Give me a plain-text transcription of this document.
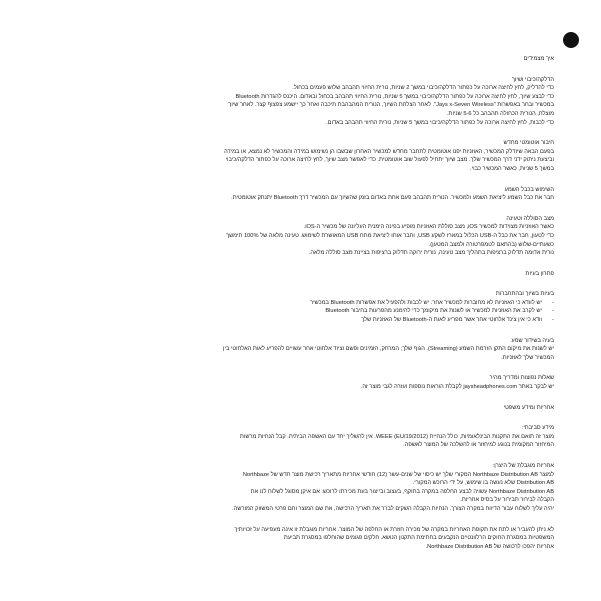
איך מצמידים

הדלקה/כיבוי ושיוך

כדי להדליק, לחץ לחיצה ארוכה על כפתור הדלקה/כיבוי במשך 2 שניות, נורית החיווי תהבהב שלוש פעמים בכחול.

כדי לבצע שיוך, לחץ לחיצה ארוכה על כפתור הדלקה/כיבוי במשך 5 שניות, נורית החיווי תהבהב בכחול ובאדום. היכנס להגדרות Bluetooth

במכשיר ובחר באפשרות "Jays x-Seven Wireless". לאחר הצלחת השיוך, הנורית המהבהבת תיכבה ואחר כך יישמע צפצוף קצר. לאחר שיוך

מוצלח, הנורית הכחולה תהבהב כל 5-6 שניות.

כדי לכבות, לחץ לחיצה ארוכה על כפתור הדלקה/כיבוי במשך 5 שניות, נורית החיווי תהבהב באדום.

חיבור אוטומטי מחדש

בפעם הבאה שיודלק המכשיר, האוזניות יפנו אוטומטית לתחבר מחדש למכשיר האחרון שבשבו הן נשימוש במידה והמכשיר לא נמצא, או במידה

וביצעת ניתוק ידני דרך המכשיר שלך. מצב שיוך יתחיל לפעול שוב אוטומטית. כדי לאפשר מצב שיוך, לחץ לחיצה ארוכה על כפתור הדלקה/כיבוי

במשך 5 שניות, כאשר המכשיר כבוי.

השימוש בכבל השמע

חבר את כבל השמע ליציאת השמע ולמכשיר. הנורית תהבהב פעם אחת באדום בזמן שהשיוך עם המכשיר דרך Bluetooth יתנתק אוטומטית.

מצב הסוללה וטעינה

כאשר האוזניות מצוידות למכשיר iOS, מצב סוללת האוזניות מופיע בפינה הימנית העליונה של מכשיר ה-iOS.

כדי לטעון, חבר את כבל ה-USB הכלול במארז לשקע USB, וחבר אותו ליציאת מתח USB המאושרת לשימוש. טעינה מלאה של 100% תימשך

כשעתיים-שלוש (בהתאם לטמפרטורה ולמצב המטען).

נורית אדומה תדלוק ברציפות בתהליך מצב טעינה, נורית ירוקה תדלוק ברציפות בציינת מצב סוללה מלאה.

פתרון בעיות

בעיות בשיוך ובהתחברות

- יש לוודא כי האוזניות לא מחוברות למכשיר אחר. יש לכבות ולהפעיל את אפשרות Bluetooth במכשיר
- יש לקרב את האוזניות למכשיר או לשנות את מיקומך כדי להימנע מהפרעות בחיבור Bluetooth
- וודא כי אין צינד אלחוטי אחר אשר מפריע לאות ה-Bluetooth של האוזניות שלך

בעיה בשידור שמע

יש לשנות את מיקום התקן הזרמת השמע (Streaming). הגוף שלך, המרחק, הזמינים ופשם וציוד אלחוטי אחר עשויים להפריע לאות האלחוטי בין

המכשיר שלך לאוזניות.

שאלות נפוצות ומדריך מהיר

יש לבקר באתר jaysheadphones.com לקבלת הוראות נוספות ועזרה לגבי מוצר זה.

אחריות ומידע משפטי

מידע סביבתי:

מוצר זה תואם את התקנות הבינלאומיות, כולל הנחיית WEEE (EU/19/2012). אין להשליך יחד עם האשפה הביתית. קבל הנחיות מרשות

המיחזור המקומית בנוגע למיחזור או להשלכה של המוצר לאשפה.

אחריות מוגבלת של היצרן:

למוצר Northbaze Distribution AB המקורי שלך יש כיסוי של שנים-עשר (12) חודשי אחריות מתאריך רכישת מוצר חדש של Northbaze

Distribution AB שלא נעשה בו שימוש, על ידי הרוכש המקורי.

Northbaze Distribution AB עשויה לבצע החלפה במקרה בתוקף, בעצוב ובייצור בעת מכירתו לרוכש. אם איקן מסוגל לשלוח לנו את

הקבלה לבירור תבירור על בסיס אחריות.

יהיה עליך לשלוח עבור הדיווח במקרה הצורך. הנחיות הקבלה השקים לברר את תאריך הרכישה, את שם המוצר וחם פרטי המשווק המורשה.

לא ניתן להעביר או לתת את תקופת האחריות במקרה של מכירה חוזרת או החלפה של המוצר. אחריות מוגבלת זו אינה מעפיעה על זכויותיך

המשפטיות במסגרת החוקים הרלוונטיים הנקבעים בחתימת התקנון הנושא. חלקים פגומים שהוחלפו במסגרת תביעת

אחריות יהפכו לרכושה של Northbaze Distribution AB.
